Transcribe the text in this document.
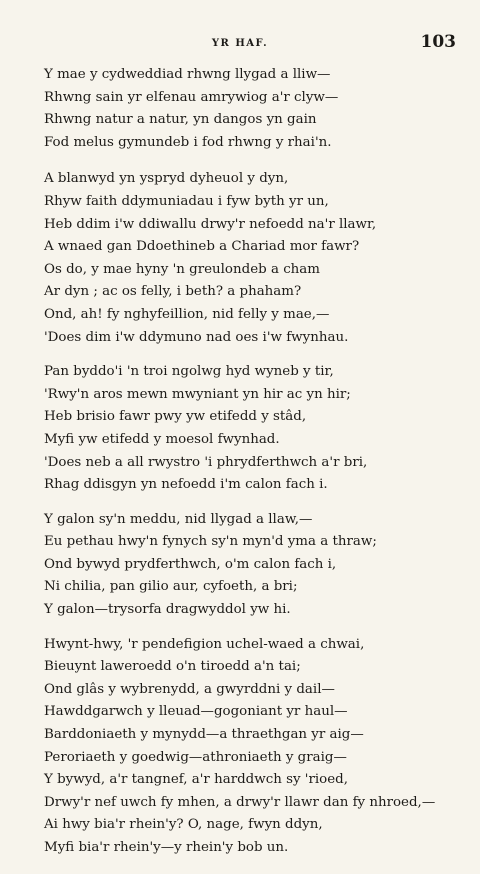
YR HAF.	103
Y mae y cydweddiad rhwng llygad a lliw—
Rhwng sain yr elfenau amrywiog a'r clyw—
Rhwng natur a natur, yn dangos yn gain
Fod melus gymundeb i fod rhwng y rhai'n.
A blanwyd yn yspryd dyheuol y dyn,
Rhyw faith ddymuniadau i fyw byth yr un,
Heb ddim i'w ddiwallu drwy'r nefoedd na'r llawr,
A wnaed gan Ddoethineb a Chariad mor fawr?
Os do, y mae hyny 'n greulondeb a cham
Ar dyn ; ac os felly, i beth? a phaham?
Ond, ah! fy nghyfeillion, nid felly y mae,—
'Does dim i'w ddymuno nad oes i'w fwynhau.
Pan byddo'i 'n troi ngolwg hyd wyneb y tir,
'Rwy'n aros mewn mwyniant yn hir ac yn hir;
Heb brisio fawr pwy yw etifedd y stâd,
Myfi yw etifedd y moesol fwynhad.
'Does neb a all rwystro 'i phrydferthwch a'r bri,
Rhag ddisgyn yn nefoedd i'm calon fach i.
Y galon sy'n meddu, nid llygad a llaw,—
Eu pethau hwy'n fynych sy'n myn'd yma a thraw;
Ond bywyd prydferthwch, o'm calon fach i,
Ni chilia, pan gilio aur, cyfoeth, a bri;
Y galon—trysorfa dragwyddol yw hi.
Hwynt-hwy, 'r pendefigion uchel-waed a chwai,
Bieuynt laweroedd o'n tiroedd a'n tai;
Ond glâs y wybrenydd, a gwyrddni y dail—
Hawddgarwch y lleuad—gogoniant yr haul—
Barddoniaeth y mynydd—a thraethgan yr aig—
Peroriaeth y goedwig—athroniaeth y graig—
Y bywyd, a'r tangnef, a'r harddwch sy 'rioed,
Drwy'r nef uwch fy mhen, a drwy'r llawr dan fy nhroed,—
Ai hwy bia'r rhein'y? O, nage, fwyn ddyn,
Myfi bia'r rhein'y—y rhein'y bob un.
